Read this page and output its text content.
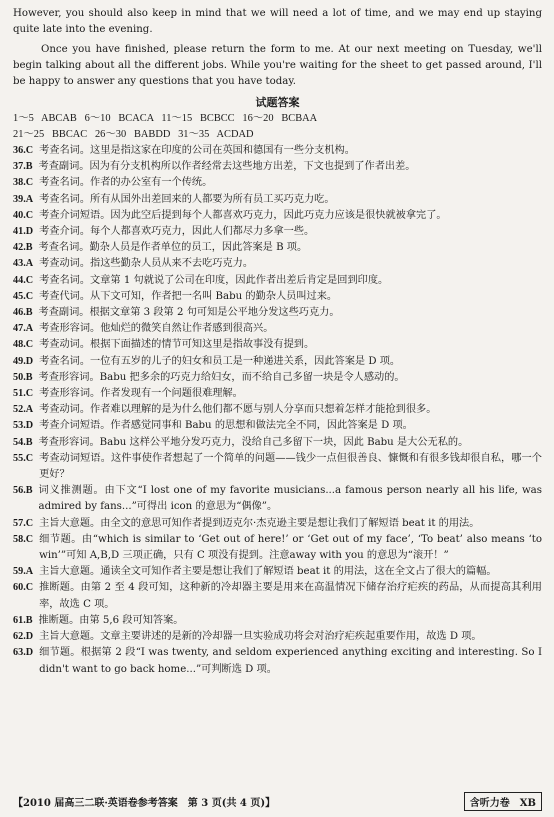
However, you should also keep in mind that we will need a lot of time, and we may end up staying quite late into the evening.

Once you have finished, please return the form to me. At our next meeting on Tuesday, we'll begin talking about all the different jobs. While you're waiting for the sheet to get passed around, I'll be happy to answer any questions that you have today.

试题答案
1～5   ABCAB   6～10   BCACA   11～15   BCBCC   16～20   BCBAA
21～25   BBCAC   26～30   BABDD   31～35   ACDAD
36.C 考查名词。这里是指这家在印度的公司在英国和德国有一些分支机构。
37.B 考查副词。因为有分支机构所以作者经常去这些地方出差，下文也提到了作者出差。
38.C 考查名词。作者的办公室有一个传统。
39.A 考查名词。所有从国外出差回来的人都要为所有员工买巧克力吃。
40.C 考查介词短语。因为此空后提到每个人都喜欢巧克力，因此巧克力应该是很快就被拿完了。
41.D 考查介词。每个人都喜欢巧克力，因此人们都尽力多拿一些。
42.B 考查名词。勤杂人员是作者单位的员工，因此答案是 B 项。
43.A 考查动词。指这些勤杂人员从来不去吃巧克力。
44.C 考查名词。文章第 1 句就说了公司在印度，因此作者出差后肯定是回到印度。
45.C 考查代词。从下文可知，作者把一名叫 Babu 的勤杂人员叫过来。
46.B 考查副词。根据文章第 3 段第 2 句可知是公平地分发这些巧克力。
47.A 考查形容词。他灿烂的微笑自然让作者感到很高兴。
48.C 考查动词。根据下面描述的情节可知这里是指故事没有提到。
49.D 考查名词。一位有五岁的儿子的妇女和员工是一种递进关系，因此答案是 D 项。
50.B 考查形容词。Babu 把多余的巧克力给妇女，而不给自己多留一块是令人感动的。
51.C 考查形容词。作者发现有一个问题很难理解。
52.A 考查动词。作者难以理解的是为什么他们都不愿与别人分享而只想着怎样才能抢到很多。
53.D 考查介词短语。作者感觉同事和 Babu 的思想和做法完全不同，因此答案是 D 项。
54.B 考查形容词。Babu 这样公平地分发巧克力，没给自己多留下一块，因此 Babu 是大公无私的。
55.C 考查动词短语。这件事使作者想起了一个简单的问题——钱少一点但很善良、慷慨和有很多钱却很自私，哪一个更好？
56.B 词义推测题。由下文“I lost one of my favorite musicians...a famous person nearly all his life, was admired by fans...”可得出 icon 的意思为“偶像”。
57.C 主旨大意题。由全文的意思可知作者提到迈克尔·杰克逊主要是想让我们了解短语 beat it 的用法。
58.C 细节题。由“which is similar to ‘Get out of here!’ or ‘Get out of my face’, ‘To beat’ also means ‘to win’”可知 A,B,D 三项正确，只有 C 项没有提到。注意away with you 的意思为“滚开！”
59.A 主旨大意题。通读全文可知作者主要是想让我们了解短语 beat it 的用法，这在全文占了很大的篇幅。
60.C 推断题。由第 2 至 4 段可知，这种新的冷却器主要是用来在高温情况下储存治疗疟疾的药品，从而提高其利用率，故选 C 项。
61.B 推断题。由第 5,6 段可知答案。
62.D 主旨大意题。文章主要讲述的是新的冷却器一旦实验成功将会对治疗疟疾起重要作用，故选 D 项。
63.D 细节题。根据第 2 段“I was twenty, and seldom experienced anything exciting and interesting. So I didn't want to go back home...”可判断选 D 项。
【2010 届高三二联·英语卷参考答案　第 3 页(共 4 页)】	含听力卷　XB
